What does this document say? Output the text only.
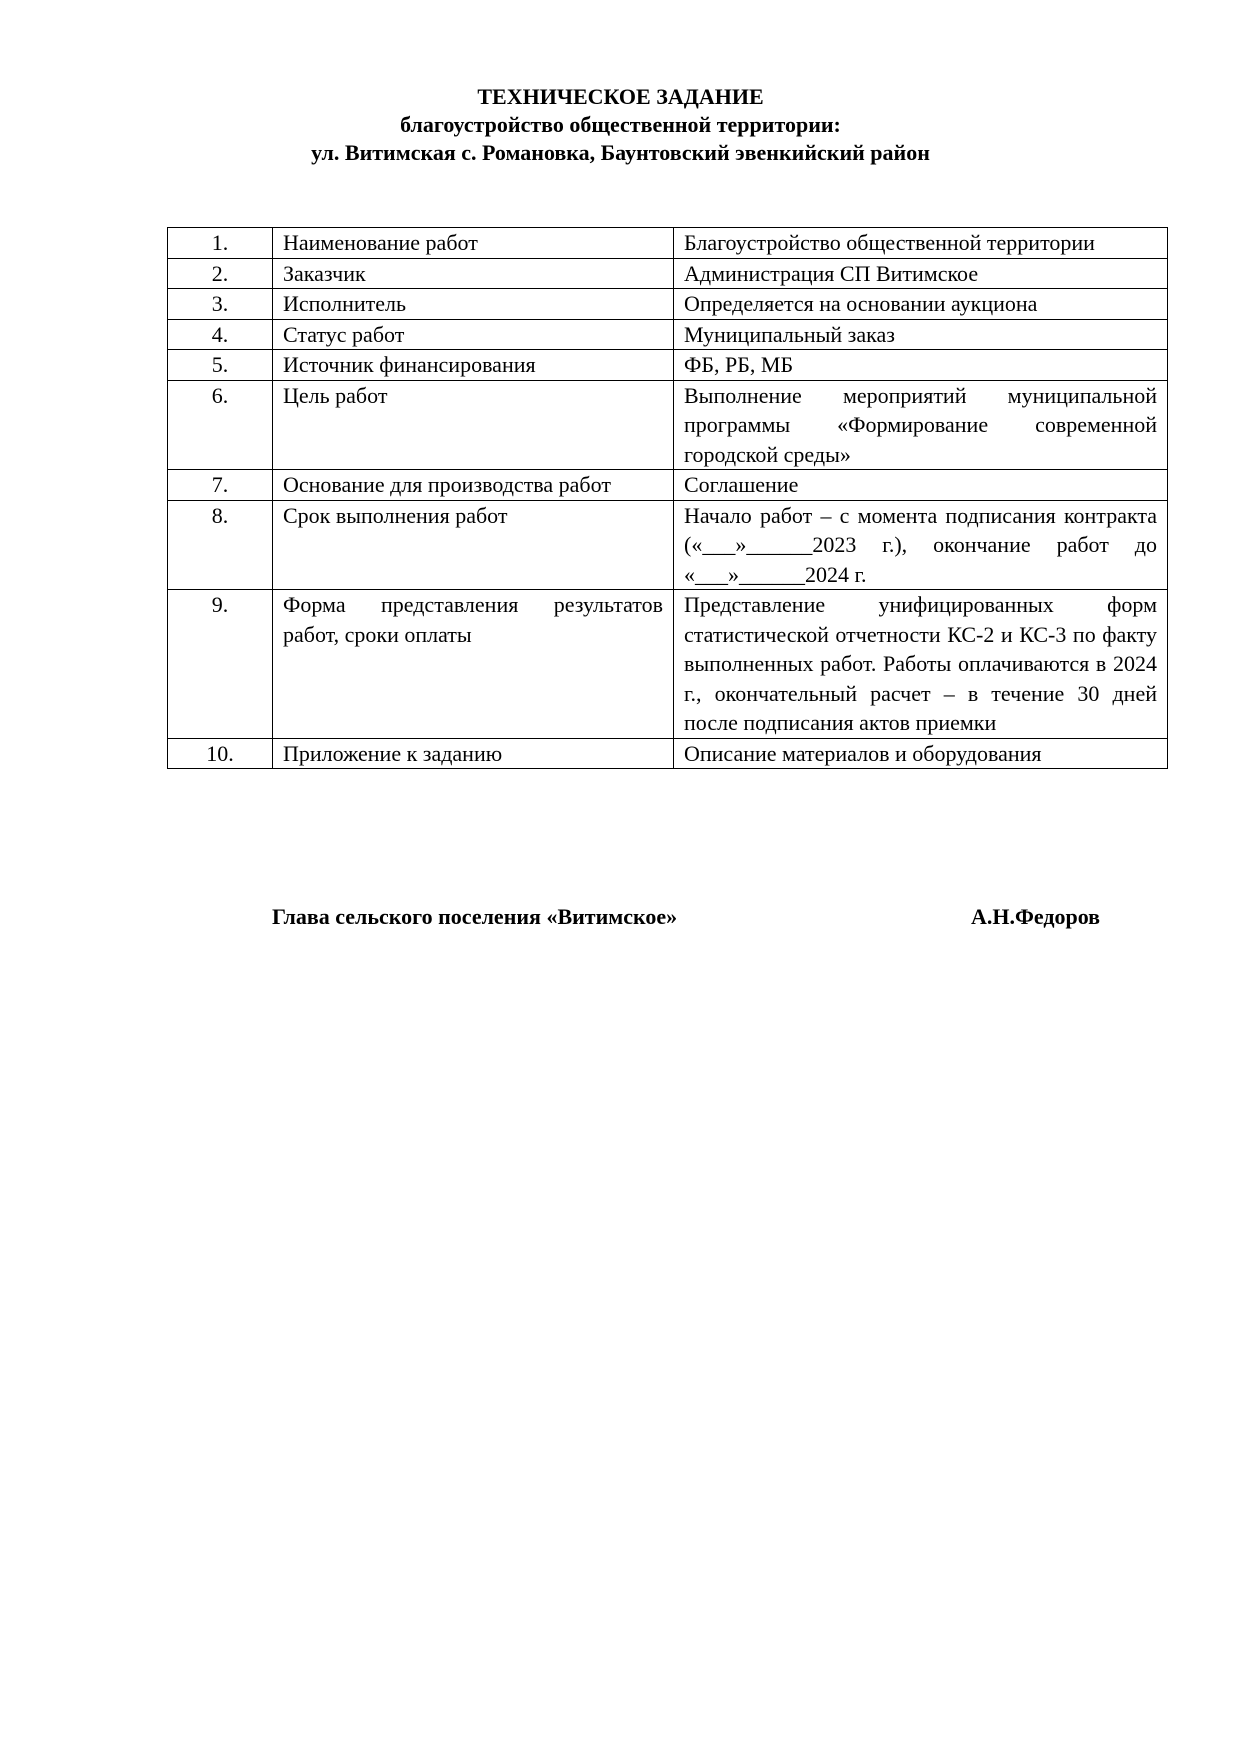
ТЕХНИЧЕСКОЕ ЗАДАНИЕ
благоустройство общественной территории:
ул. Витимская с. Романовка, Баунтовский эвенкийский район
1.	Наименование работ	Благоустройство общественной территории
2.	Заказчик	Администрация СП Витимское
3.	Исполнитель	Определяется на основании аукциона
4.	Статус работ	Муниципальный заказ
5.	Источник финансирования	ФБ, РБ, МБ
6.	Цель работ	Выполнение мероприятий муниципальной программы «Формирование современной городской среды»
7.	Основание для производства работ	Соглашение
8.	Срок выполнения работ	Начало работ – с момента подписания контракта («___»______2023 г.), окончание работ до «___»______2024 г.
9.	Форма представления результатов работ, сроки оплаты	Представление унифицированных форм статистической отчетности КС-2 и КС-3 по факту выполненных работ. Работы оплачиваются в 2024 г., окончательный расчет – в течение 30 дней после подписания актов приемки
10.	Приложение к заданию	Описание материалов и оборудования
Глава сельского поселения «Витимское»	А.Н.Федоров
